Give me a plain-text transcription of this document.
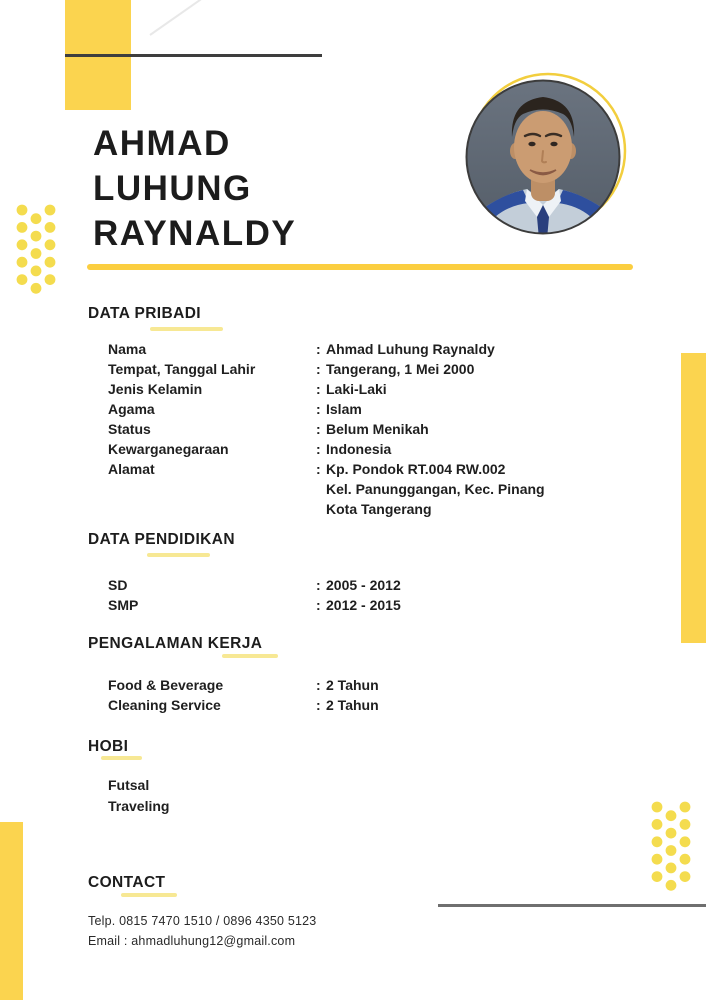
AHMAD
LUHUNG
RAYNALDY
DATA PRIBADI
Nama	: Ahmad Luhung Raynaldy
Tempat, Tanggal Lahir	: Tangerang, 1 Mei 2000
Jenis Kelamin	: Laki-Laki
Agama	: Islam
Status	: Belum Menikah
Kewarganegaraan	: Indonesia
Alamat	: Kp. Pondok RT.004 RW.002
Kel. Panunggangan, Kec. Pinang
Kota Tangerang
DATA PENDIDIKAN
SD	: 2005 - 2012
SMP	: 2012 - 2015
PENGALAMAN KERJA
Food & Beverage	: 2 Tahun
Cleaning Service	: 2 Tahun
HOBI
Futsal
Traveling
CONTACT
Telp. 0815 7470 1510 / 0896 4350 5123
Email : ahmadluhung12@gmail.com
